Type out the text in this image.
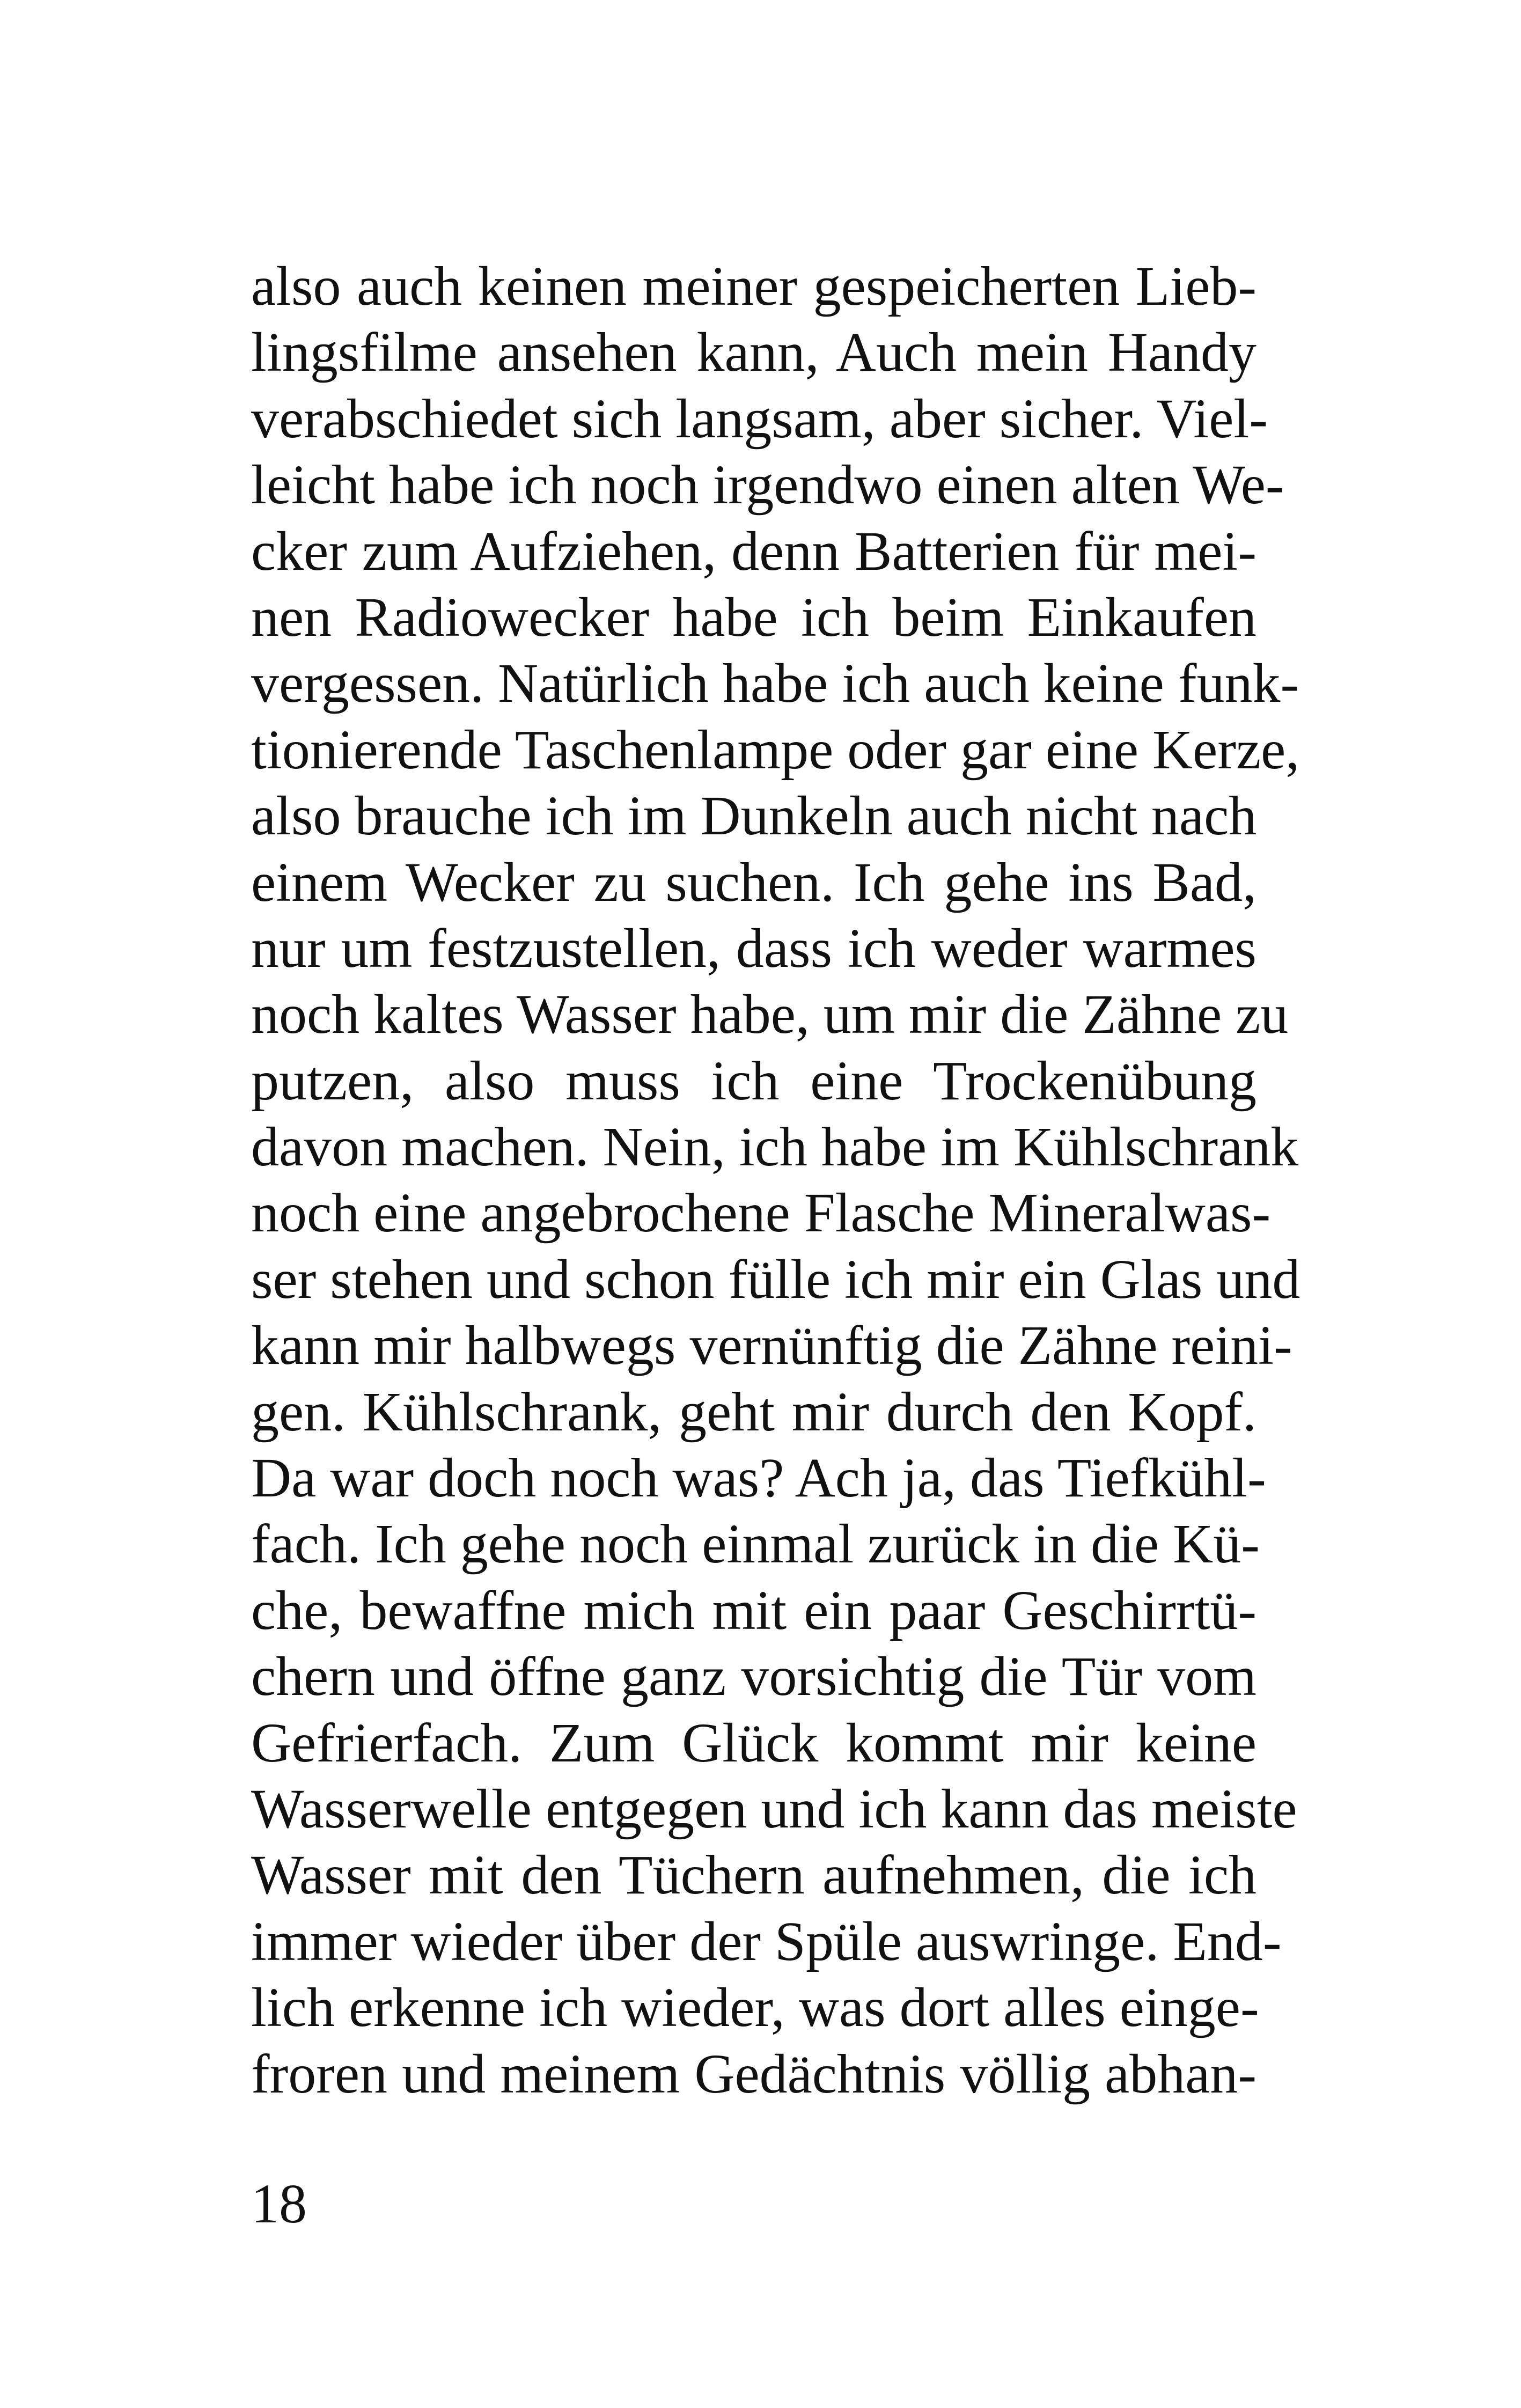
also auch keinen meiner gespeicherten Lieb-
lingsfilme ansehen kann, Auch mein Handy
verabschiedet sich langsam, aber sicher. Viel-
leicht habe ich noch irgendwo einen alten We-
cker zum Aufziehen, denn Batterien für mei-
nen Radiowecker habe ich beim Einkaufen
vergessen. Natürlich habe ich auch keine funk-
tionierende Taschenlampe oder gar eine Kerze,
also brauche ich im Dunkeln auch nicht nach
einem Wecker zu suchen. Ich gehe ins Bad,
nur um festzustellen, dass ich weder warmes
noch kaltes Wasser habe, um mir die Zähne zu
putzen, also muss ich eine Trockenübung
davon machen. Nein, ich habe im Kühlschrank
noch eine angebrochene Flasche Mineralwas-
ser stehen und schon fülle ich mir ein Glas und
kann mir halbwegs vernünftig die Zähne reini-
gen. Kühlschrank, geht mir durch den Kopf.
Da war doch noch was? Ach ja, das Tiefkühl-
fach. Ich gehe noch einmal zurück in die Kü-
che, bewaffne mich mit ein paar Geschirrtü-
chern und öffne ganz vorsichtig die Tür vom
Gefrierfach. Zum Glück kommt mir keine
Wasserwelle entgegen und ich kann das meiste
Wasser mit den Tüchern aufnehmen, die ich
immer wieder über der Spüle auswringe. End-
lich erkenne ich wieder, was dort alles einge-
froren und meinem Gedächtnis völlig abhan-
18
